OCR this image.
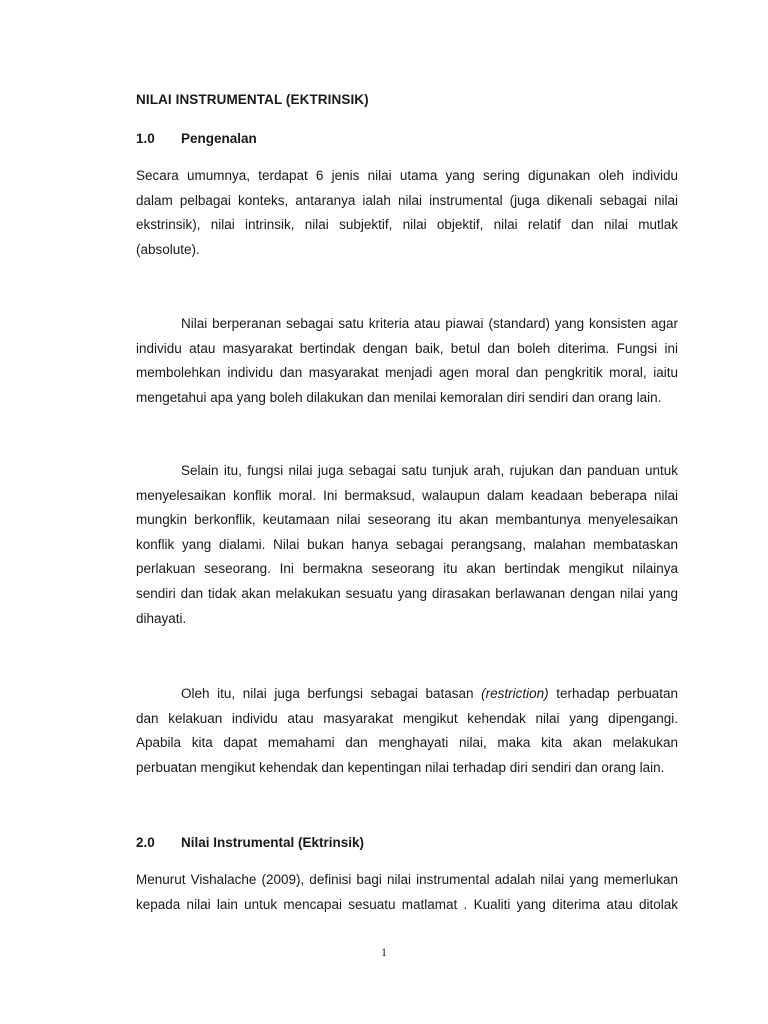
NILAI INSTRUMENTAL (EKTRINSIK)
1.0 Pengenalan
Secara umumnya, terdapat 6 jenis nilai utama yang sering digunakan oleh individu
dalam pelbagai konteks, antaranya ialah nilai instrumental (juga dikenali sebagai nilai
ekstrinsik), nilai intrinsik, nilai subjektif, nilai objektif, nilai relatif dan nilai mutlak
(absolute).
Nilai berperanan sebagai satu kriteria atau piawai (standard) yang konsisten agar
individu atau masyarakat bertindak dengan baik, betul dan boleh diterima. Fungsi ini
membolehkan individu dan masyarakat menjadi agen moral dan pengkritik moral, iaitu
mengetahui apa yang boleh dilakukan dan menilai kemoralan diri sendiri dan orang lain.
Selain itu, fungsi nilai juga sebagai satu tunjuk arah, rujukan dan panduan untuk
menyelesaikan konflik moral. Ini bermaksud, walaupun dalam keadaan beberapa nilai
mungkin berkonflik, keutamaan nilai seseorang itu akan membantunya menyelesaikan
konflik yang dialami. Nilai bukan hanya sebagai perangsang, malahan membataskan
perlakuan seseorang. Ini bermakna seseorang itu akan bertindak mengikut nilainya
sendiri dan tidak akan melakukan sesuatu yang dirasakan berlawanan dengan nilai yang
dihayati.
Oleh itu, nilai juga berfungsi sebagai batasan (restriction) terhadap perbuatan
dan kelakuan individu atau masyarakat mengikut kehendak nilai yang dipengangi.
Apabila kita dapat memahami dan menghayati nilai, maka kita akan melakukan
perbuatan mengikut kehendak dan kepentingan nilai terhadap diri sendiri dan orang lain.
2.0 Nilai Instrumental (Ektrinsik)
Menurut Vishalache (2009), definisi bagi nilai instrumental adalah nilai yang memerlukan
kepada nilai lain untuk mencapai sesuatu matlamat . Kualiti yang diterima atau ditolak
1
